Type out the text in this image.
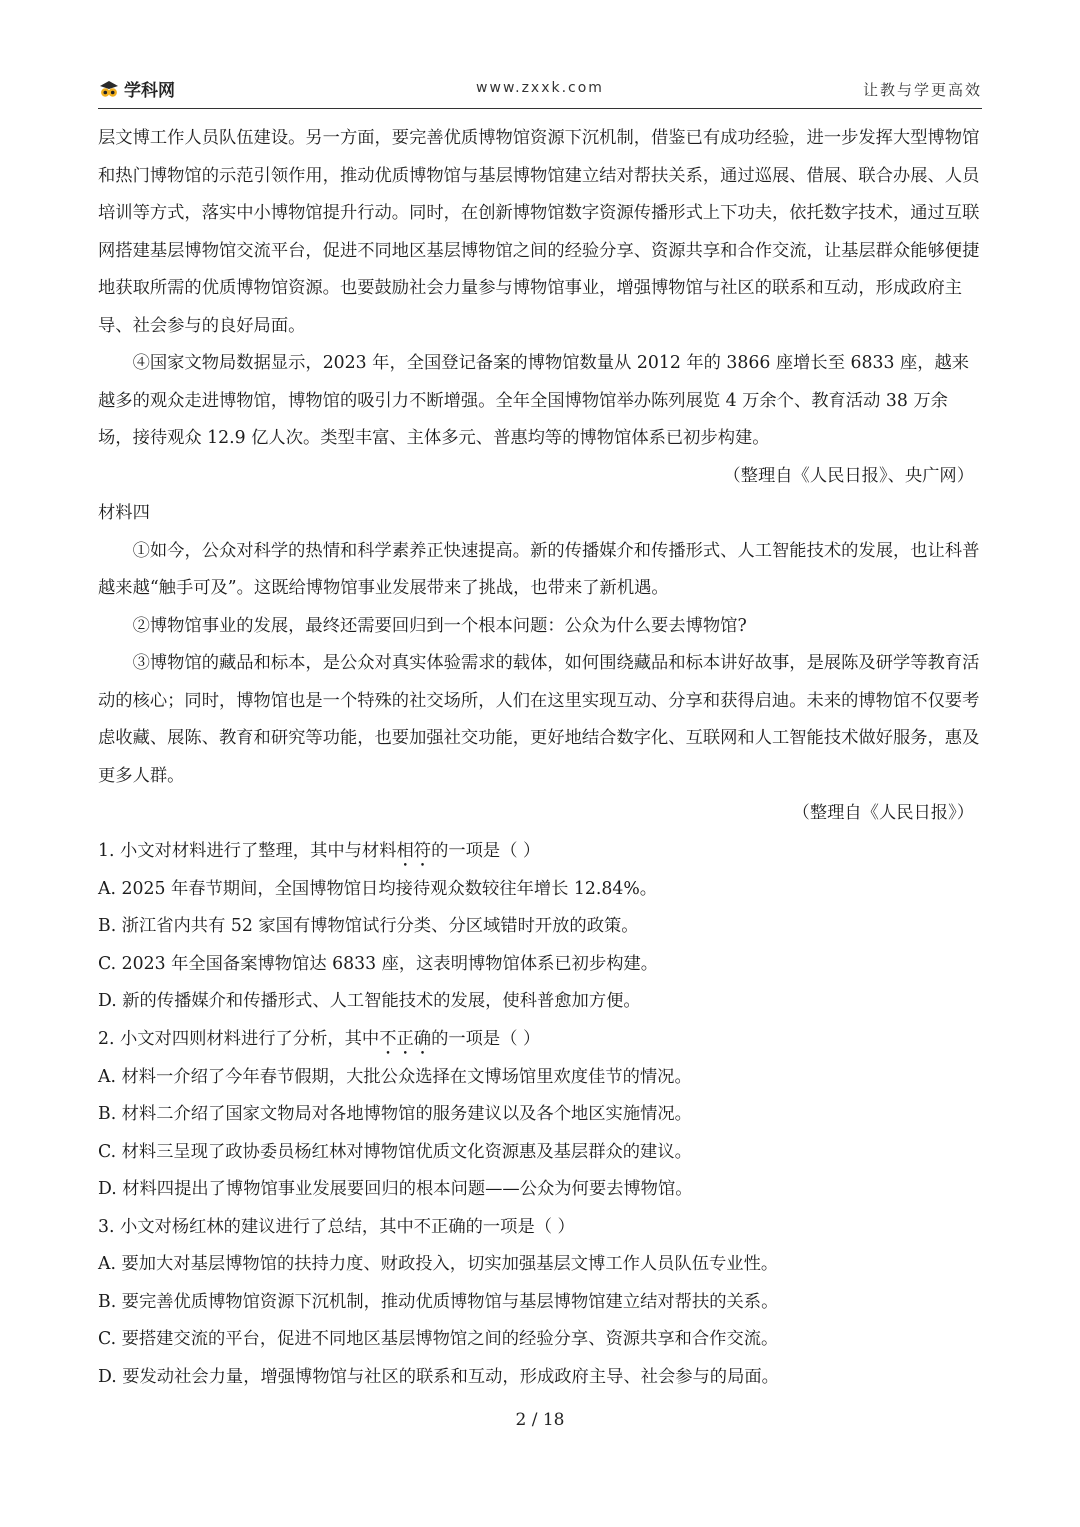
学科网	www.zxxk.com	让教与学更高效

层文博工作人员队伍建设。另一方面，要完善优质博物馆资源下沉机制，借鉴已有成功经验，进一步发挥大型博物馆和热门博物馆的示范引领作用，推动优质博物馆与基层博物馆建立结对帮扶关系，通过巡展、借展、联合办展、人员培训等方式，落实中小博物馆提升行动。同时，在创新博物馆数字资源传播形式上下功夫，依托数字技术，通过互联网搭建基层博物馆交流平台，促进不同地区基层博物馆之间的经验分享、资源共享和合作交流，让基层群众能够便捷地获取所需的优质博物馆资源。也要鼓励社会力量参与博物馆事业，增强博物馆与社区的联系和互动，形成政府主导、社会参与的良好局面。

④国家文物局数据显示，2023 年，全国登记备案的博物馆数量从 2012 年的 3866 座增长至 6833 座，越来越多的观众走进博物馆，博物馆的吸引力不断增强。全年全国博物馆举办陈列展览 4 万余个、教育活动 38 万余场，接待观众 12.9 亿人次。类型丰富、主体多元、普惠均等的博物馆体系已初步构建。

（整理自《人民日报》、央广网）

材料四

①如今，公众对科学的热情和科学素养正快速提高。新的传播媒介和传播形式、人工智能技术的发展，也让科普越来越“触手可及”。这既给博物馆事业发展带来了挑战，也带来了新机遇。

②博物馆事业的发展，最终还需要回归到一个根本问题：公众为什么要去博物馆?

③博物馆的藏品和标本，是公众对真实体验需求的载体，如何围绕藏品和标本讲好故事，是展陈及研学等教育活动的核心；同时，博物馆也是一个特殊的社交场所，人们在这里实现互动、分享和获得启迪。未来的博物馆不仅要考虑收藏、展陈、教育和研究等功能，也要加强社交功能，更好地结合数字化、互联网和人工智能技术做好服务，惠及更多人群。

（整理自《人民日报》）

1. 小文对材料进行了整理，其中与材料相符的一项是（ ）

A. 2025 年春节期间，全国博物馆日均接待观众数较往年增长 12.84%。

B. 浙江省内共有 52 家国有博物馆试行分类、分区域错时开放的政策。

C. 2023 年全国备案博物馆达 6833 座，这表明博物馆体系已初步构建。

D. 新的传播媒介和传播形式、人工智能技术的发展，使科普愈加方便。

2. 小文对四则材料进行了分析，其中不正确的一项是（ ）

A. 材料一介绍了今年春节假期，大批公众选择在文博场馆里欢度佳节的情况。

B. 材料二介绍了国家文物局对各地博物馆的服务建议以及各个地区实施情况。

C. 材料三呈现了政协委员杨红林对博物馆优质文化资源惠及基层群众的建议。

D. 材料四提出了博物馆事业发展要回归的根本问题——公众为何要去博物馆。

3. 小文对杨红林的建议进行了总结，其中不正确的一项是（ ）

A. 要加大对基层博物馆的扶持力度、财政投入，切实加强基层文博工作人员队伍专业性。

B. 要完善优质博物馆资源下沉机制，推动优质博物馆与基层博物馆建立结对帮扶的关系。

C. 要搭建交流的平台，促进不同地区基层博物馆之间的经验分享、资源共享和合作交流。

D. 要发动社会力量，增强博物馆与社区的联系和互动，形成政府主导、社会参与的局面。

2 / 18
